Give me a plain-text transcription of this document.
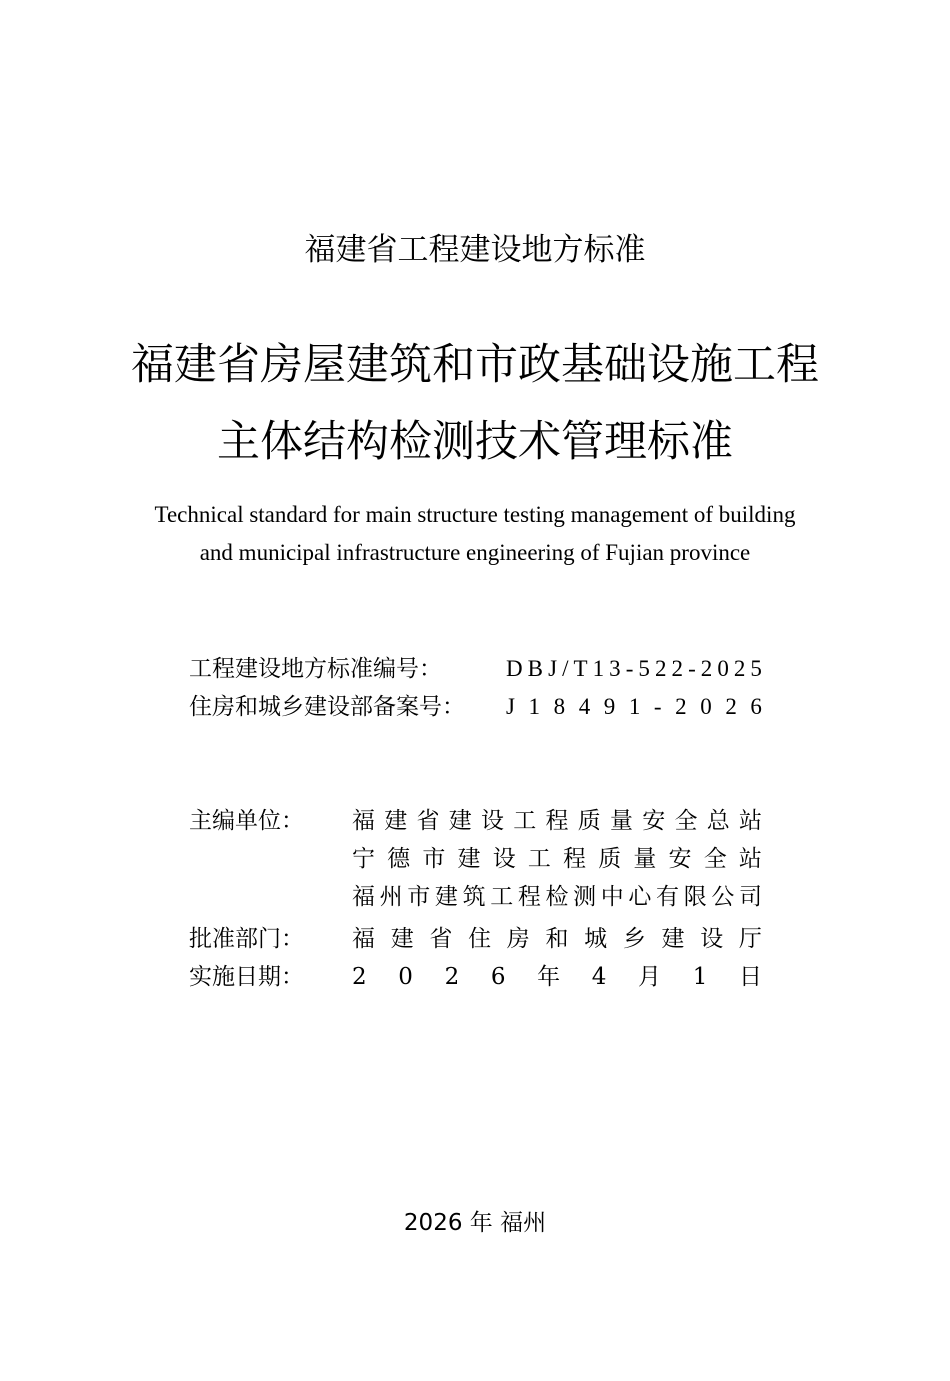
福建省工程建设地方标准
福建省房屋建筑和市政基础设施工程
主体结构检测技术管理标准
Technical standard for main structure testing management of building
and municipal infrastructure engineering of Fujian province
工程建设地方标准编号：	D B J / T 1 3 - 5 2 2 - 2 0 2 5
住房和城乡建设部备案号： J 1 8 4 9 1 - 2 0 2 6
主编单位： 福 建 省 建 设 工 程 质 量 安 全 总 站
宁 德 市 建 设 工 程 质 量 安 全 站
福 州 市 建 筑 工 程 检 测 中 心 有 限 公 司
批准部门： 福 建 省 住 房 和 城 乡 建 设 厅
实施日期： 2 0 2 6 年 4 月 1 日
2026 年 福州
